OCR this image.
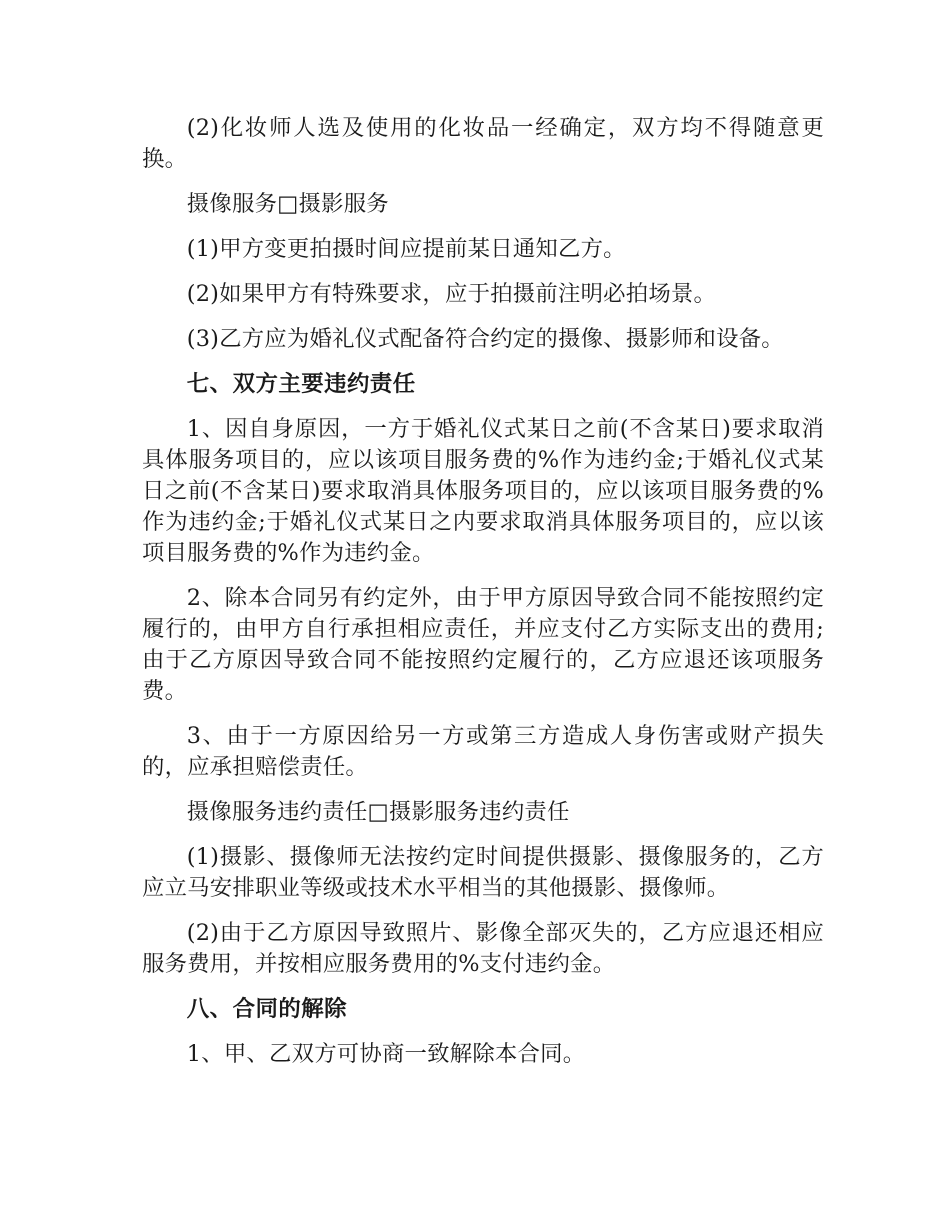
(2)化妆师人选及使用的化妆品一经确定，双方均不得随意更换。

摄像服务□摄影服务

(1)甲方变更拍摄时间应提前某日通知乙方。

(2)如果甲方有特殊要求，应于拍摄前注明必拍场景。

(3)乙方应为婚礼仪式配备符合约定的摄像、摄影师和设备。

七、双方主要违约责任

1、因自身原因，一方于婚礼仪式某日之前(不含某日)要求取消具体服务项目的，应以该项目服务费的%作为违约金;于婚礼仪式某日之前(不含某日)要求取消具体服务项目的，应以该项目服务费的%作为违约金;于婚礼仪式某日之内要求取消具体服务项目的，应以该项目服务费的%作为违约金。

2、除本合同另有约定外，由于甲方原因导致合同不能按照约定履行的，由甲方自行承担相应责任，并应支付乙方实际支出的费用;由于乙方原因导致合同不能按照约定履行的，乙方应退还该项服务费。

3、由于一方原因给另一方或第三方造成人身伤害或财产损失的，应承担赔偿责任。

摄像服务违约责任□摄影服务违约责任

(1)摄影、摄像师无法按约定时间提供摄影、摄像服务的，乙方应立马安排职业等级或技术水平相当的其他摄影、摄像师。

(2)由于乙方原因导致照片、影像全部灭失的，乙方应退还相应服务费用，并按相应服务费用的%支付违约金。

八、合同的解除

1、甲、乙双方可协商一致解除本合同。
